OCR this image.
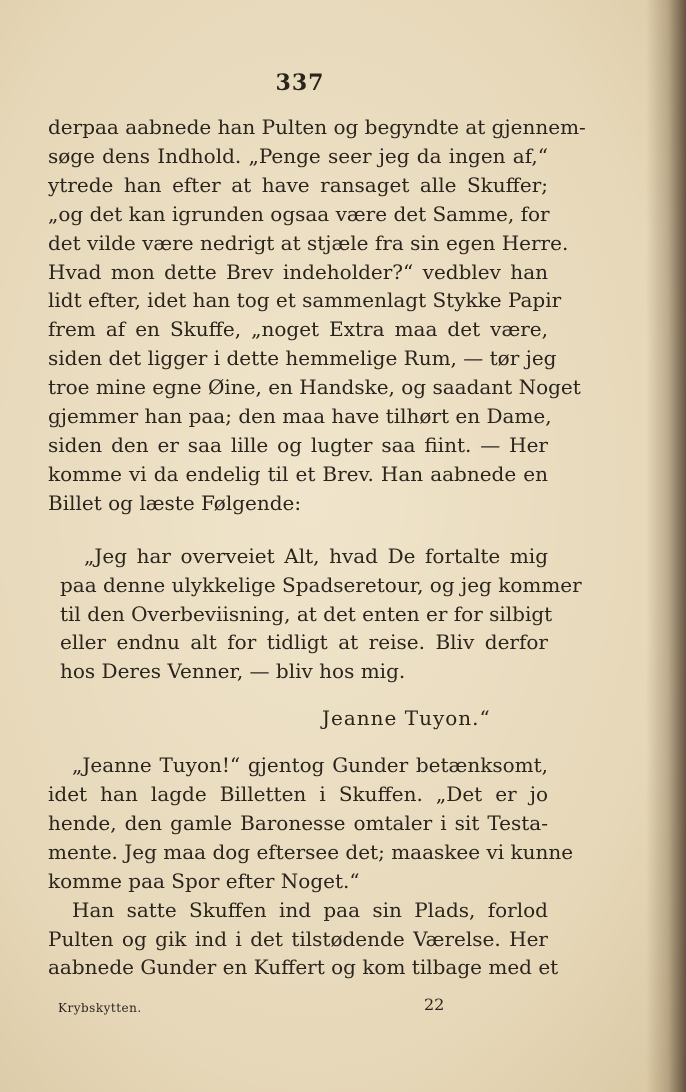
337
derpaa aabnede han Pulten og begyndte at gjennem-
søge dens Indhold. „Penge seer jeg da ingen af,“
ytrede han efter at have ransaget alle Skuffer;
„og det kan igrunden ogsaa være det Samme, for
det vilde være nedrigt at stjæle fra sin egen Herre.
Hvad mon dette Brev indeholder?“ vedblev han
lidt efter, idet han tog et sammenlagt Stykke Papir
frem af en Skuffe, „noget Extra maa det være,
siden det ligger i dette hemmelige Rum, — tør jeg
troe mine egne Øine, en Handske, og saadant Noget
gjemmer han paa; den maa have tilhørt en Dame,
siden den er saa lille og lugter saa fiint. — Her
komme vi da endelig til et Brev. Han aabnede en
Billet og læste Følgende:
„Jeg har overveiet Alt, hvad De fortalte mig
paa denne ulykkelige Spadseretour, og jeg kommer
til den Overbeviisning, at det enten er for silbigt
eller endnu alt for tidligt at reise. Bliv derfor
hos Deres Venner, — bliv hos mig.
Jeanne Tuyon.“
„Jeanne Tuyon!“ gjentog Gunder betænksomt,
idet han lagde Billetten i Skuffen. „Det er jo
hende, den gamle Baronesse omtaler i sit Testa-
mente. Jeg maa dog eftersee det; maaskee vi kunne
komme paa Spor efter Noget.“
Han satte Skuffen ind paa sin Plads, forlod
Pulten og gik ind i det tilstødende Værelse. Her
aabnede Gunder en Kuffert og kom tilbage med et
Krybskytten.	22
